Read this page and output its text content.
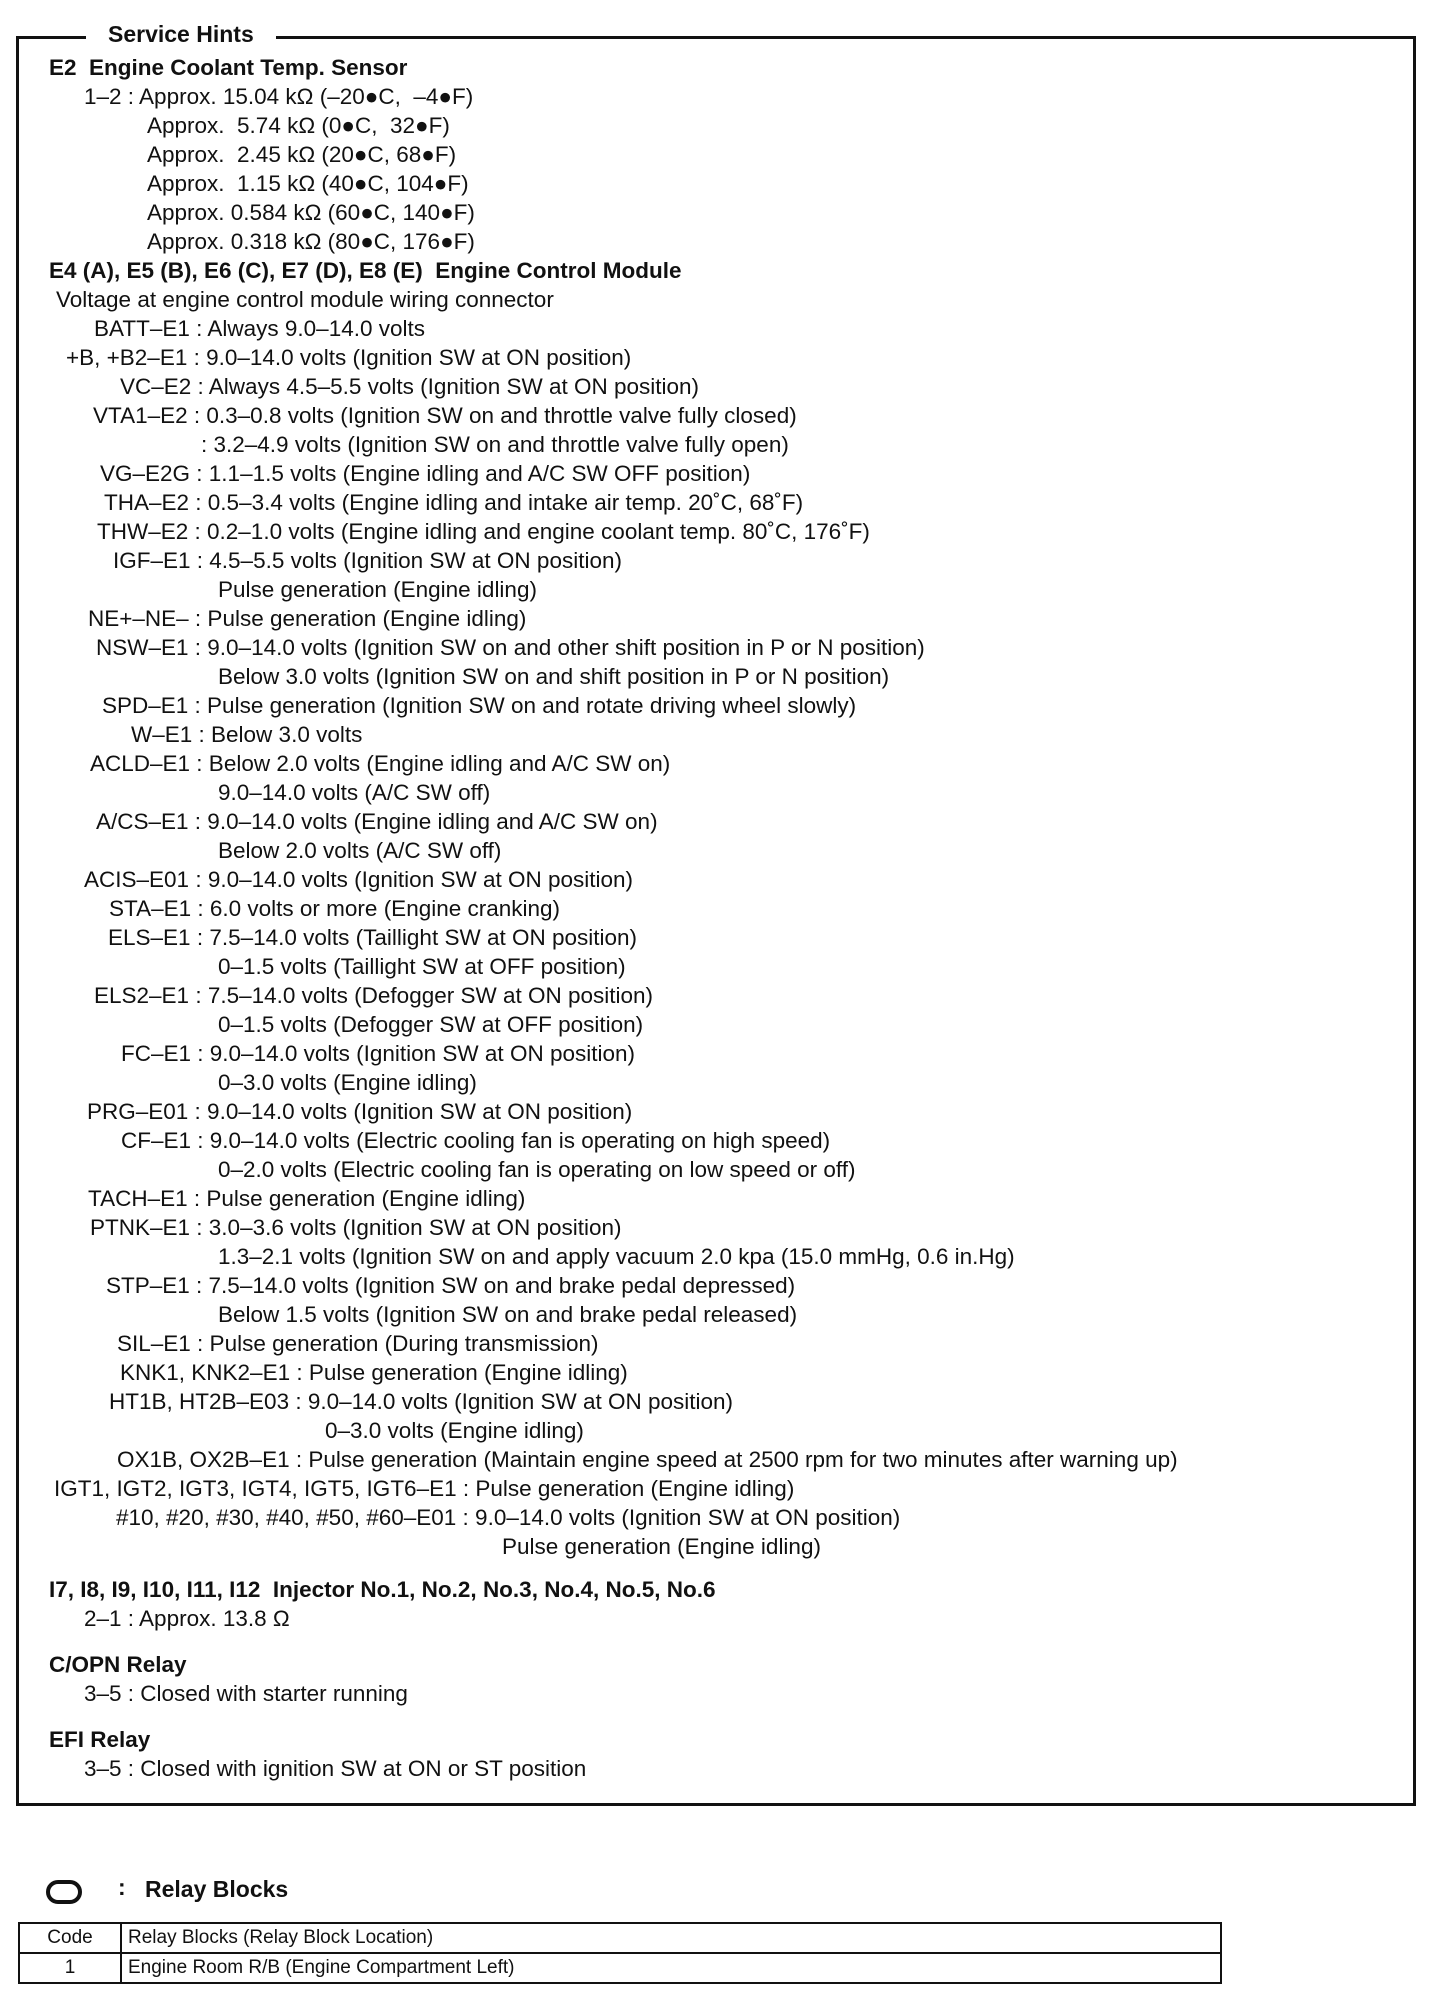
Service Hints
E2  Engine Coolant Temp. Sensor
1–2 : Approx. 15.04 kΩ (–20●C,  –4●F)
Approx.  5.74 kΩ (0●C,  32●F)
Approx.  2.45 kΩ (20●C, 68●F)
Approx.  1.15 kΩ (40●C, 104●F)
Approx. 0.584 kΩ (60●C, 140●F)
Approx. 0.318 kΩ (80●C, 176●F)
E4 (A), E5 (B), E6 (C), E7 (D), E8 (E)  Engine Control Module
Voltage at engine control module wiring connector
BATT–E1 : Always 9.0–14.0 volts
+B, +B2–E1 : 9.0–14.0 volts (Ignition SW at ON position)
VC–E2 : Always 4.5–5.5 volts (Ignition SW at ON position)
VTA1–E2 : 0.3–0.8 volts (Ignition SW on and throttle valve fully closed)
: 3.2–4.9 volts (Ignition SW on and throttle valve fully open)
VG–E2G : 1.1–1.5 volts (Engine idling and A/C SW OFF position)
THA–E2 : 0.5–3.4 volts (Engine idling and intake air temp. 20˚C, 68˚F)
THW–E2 : 0.2–1.0 volts (Engine idling and engine coolant temp. 80˚C, 176˚F)
IGF–E1 : 4.5–5.5 volts (Ignition SW at ON position)
Pulse generation (Engine idling)
NE+–NE– : Pulse generation (Engine idling)
NSW–E1 : 9.0–14.0 volts (Ignition SW on and other shift position in P or N position)
Below 3.0 volts (Ignition SW on and shift position in P or N position)
SPD–E1 : Pulse generation (Ignition SW on and rotate driving wheel slowly)
W–E1 : Below 3.0 volts
ACLD–E1 : Below 2.0 volts (Engine idling and A/C SW on)
9.0–14.0 volts (A/C SW off)
A/CS–E1 : 9.0–14.0 volts (Engine idling and A/C SW on)
Below 2.0 volts (A/C SW off)
ACIS–E01 : 9.0–14.0 volts (Ignition SW at ON position)
STA–E1 : 6.0 volts or more (Engine cranking)
ELS–E1 : 7.5–14.0 volts (Taillight SW at ON position)
0–1.5 volts (Taillight SW at OFF position)
ELS2–E1 : 7.5–14.0 volts (Defogger SW at ON position)
0–1.5 volts (Defogger SW at OFF position)
FC–E1 : 9.0–14.0 volts (Ignition SW at ON position)
0–3.0 volts (Engine idling)
PRG–E01 : 9.0–14.0 volts (Ignition SW at ON position)
CF–E1 : 9.0–14.0 volts (Electric cooling fan is operating on high speed)
0–2.0 volts (Electric cooling fan is operating on low speed or off)
TACH–E1 : Pulse generation (Engine idling)
PTNK–E1 : 3.0–3.6 volts (Ignition SW at ON position)
1.3–2.1 volts (Ignition SW on and apply vacuum 2.0 kpa (15.0 mmHg, 0.6 in.Hg)
STP–E1 : 7.5–14.0 volts (Ignition SW on and brake pedal depressed)
Below 1.5 volts (Ignition SW on and brake pedal released)
SIL–E1 : Pulse generation (During transmission)
KNK1, KNK2–E1 : Pulse generation (Engine idling)
HT1B, HT2B–E03 : 9.0–14.0 volts (Ignition SW at ON position)
0–3.0 volts (Engine idling)
OX1B, OX2B–E1 : Pulse generation (Maintain engine speed at 2500 rpm for two minutes after warning up)
IGT1, IGT2, IGT3, IGT4, IGT5, IGT6–E1 : Pulse generation (Engine idling)
#10, #20, #30, #40, #50, #60–E01 : 9.0–14.0 volts (Ignition SW at ON position)
Pulse generation (Engine idling)
I7, I8, I9, I10, I11, I12  Injector No.1, No.2, No.3, No.4, No.5, No.6
2–1 : Approx. 13.8 Ω
C/OPN Relay
3–5 : Closed with starter running
EFI Relay
3–5 : Closed with ignition SW at ON or ST position
: Relay Blocks
Code	Relay Blocks (Relay Block Location)
1	Engine Room R/B (Engine Compartment Left)
